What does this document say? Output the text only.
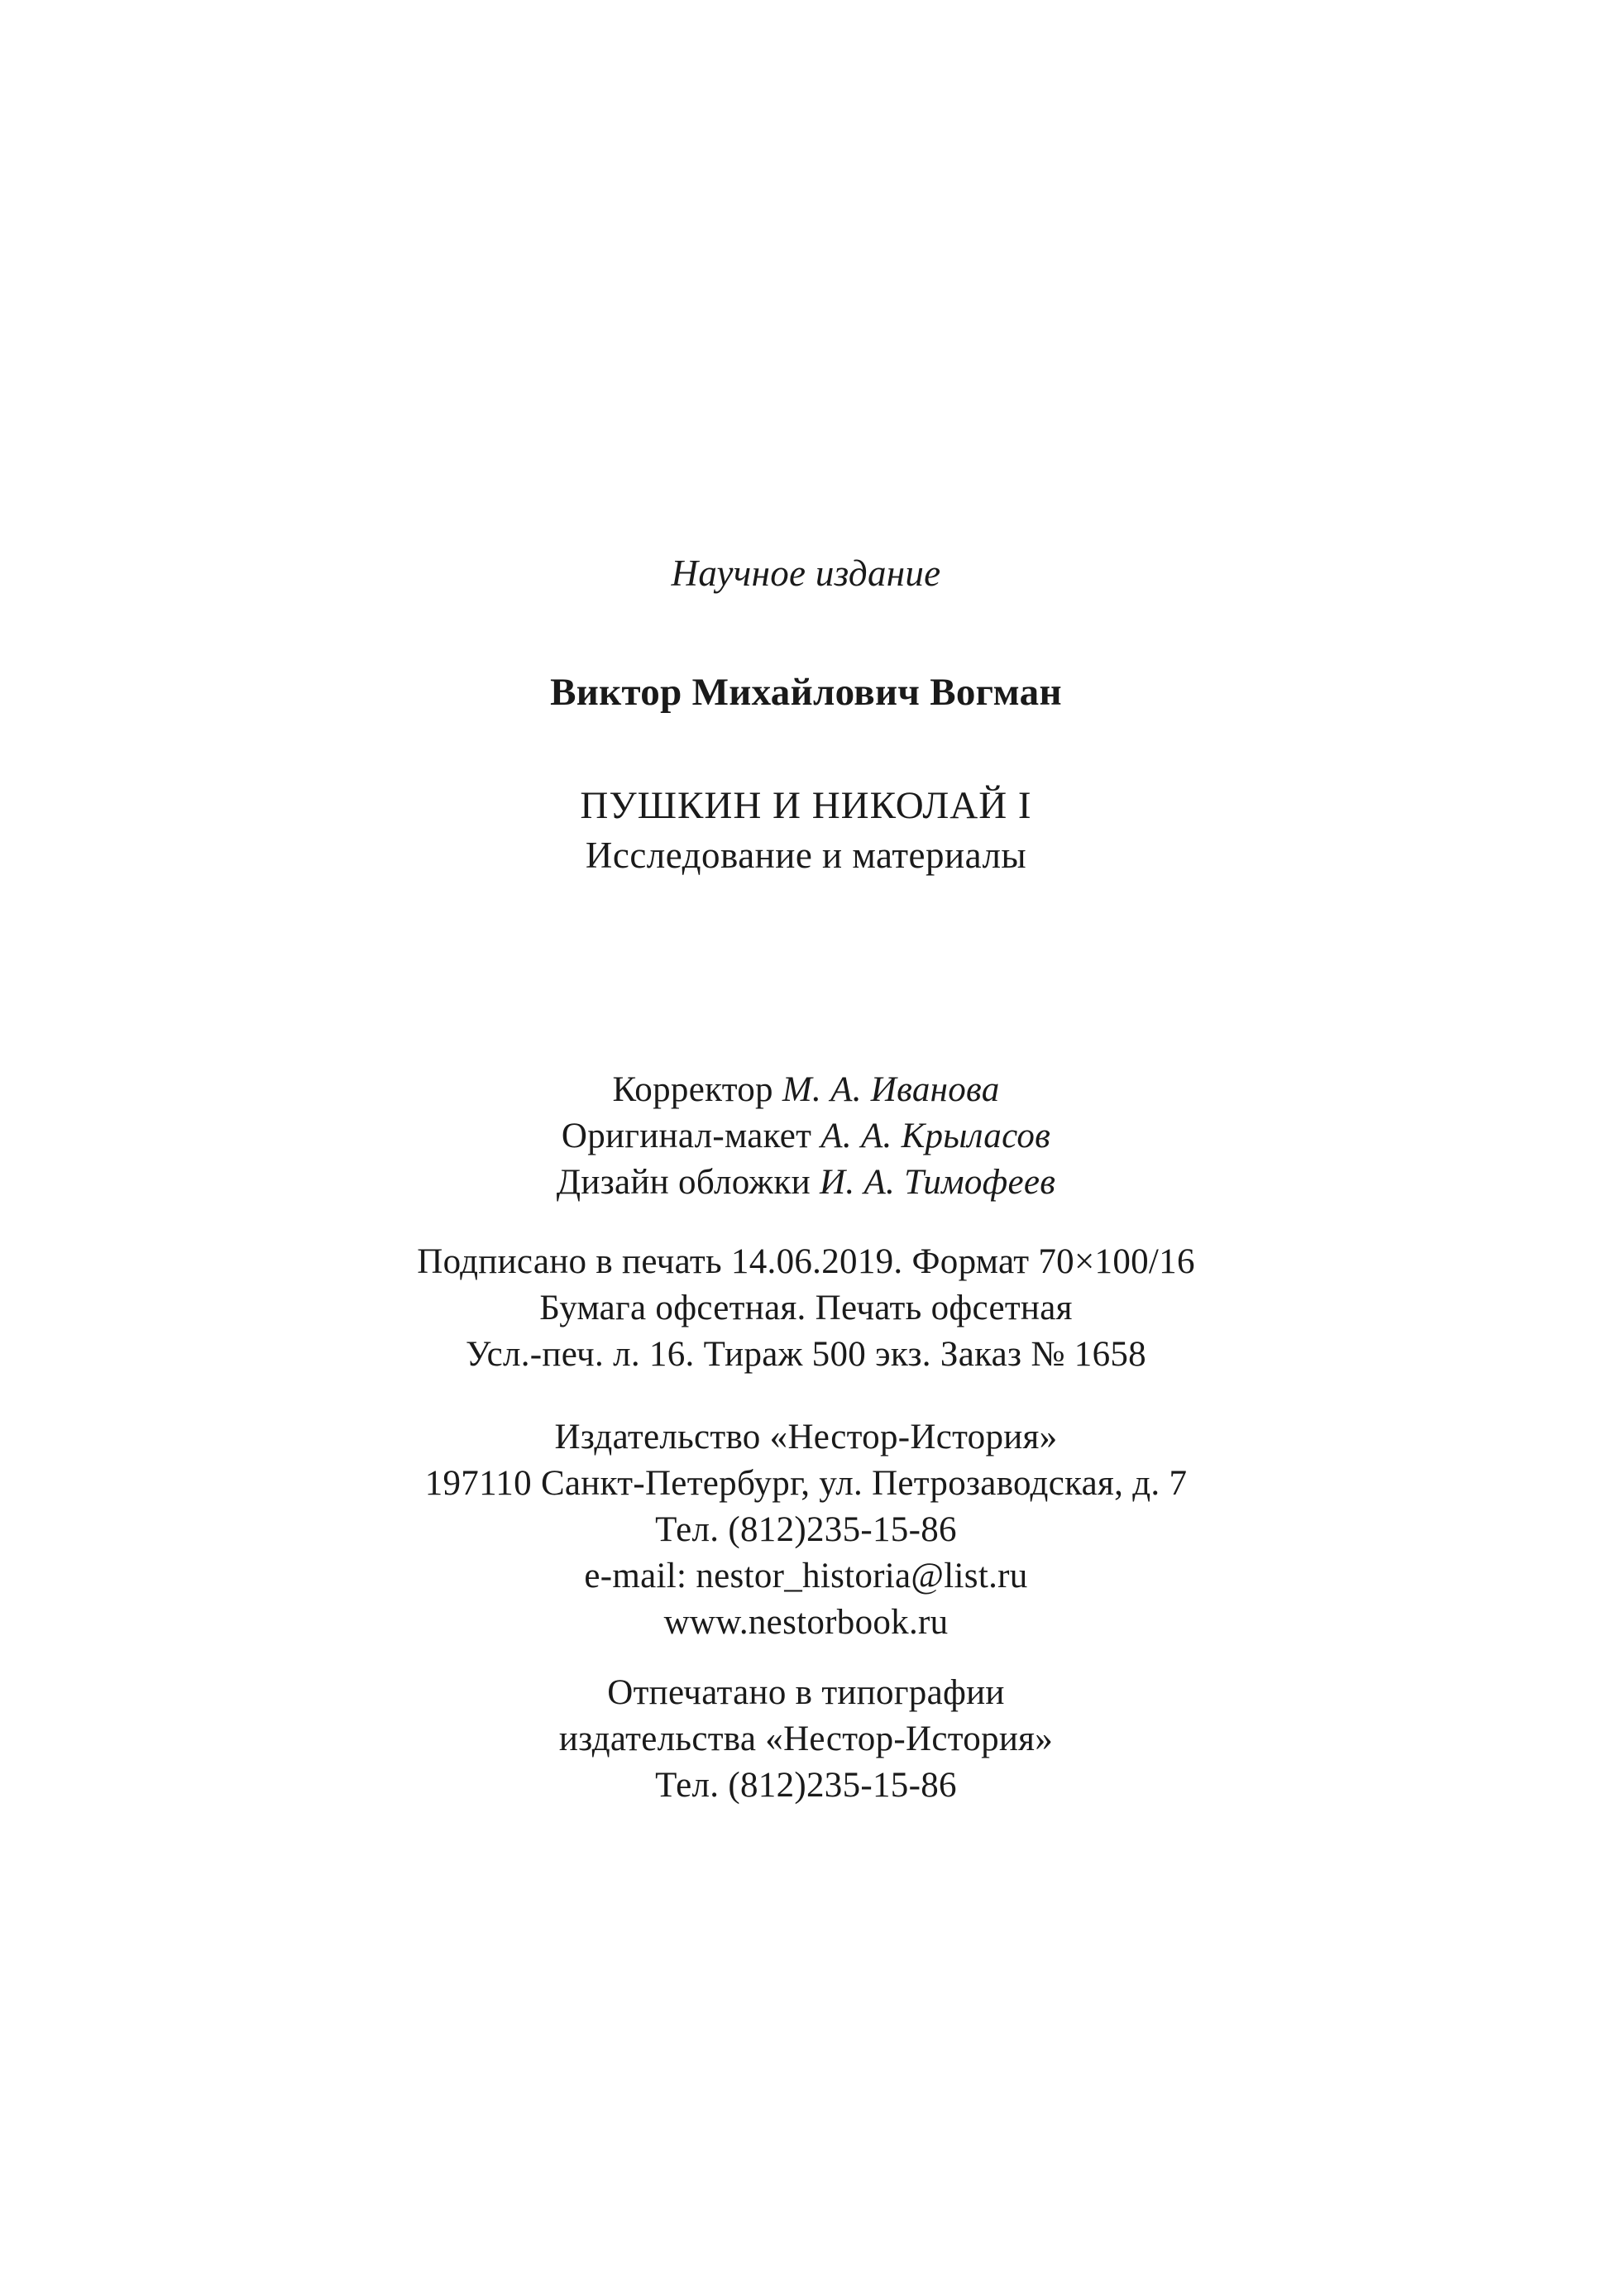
Научное издание
Виктор Михайлович Вогман
ПУШКИН И НИКОЛАЙ I
Исследование и материалы
Корректор М. А. Иванова
Оригинал-макет А. А. Крыласов
Дизайн обложки И. А. Тимофеев
Подписано в печать 14.06.2019. Формат 70×100/16
Бумага офсетная. Печать офсетная
Усл.-печ. л. 16. Тираж 500 экз. Заказ № 1658
Издательство «Нестор-История»
197110 Санкт-Петербург, ул. Петрозаводская, д. 7
Тел. (812)235-15-86
e-mail: nestor_historia@list.ru
www.nestorbook.ru
Отпечатано в типографии
издательства «Нестор-История»
Тел. (812)235-15-86
